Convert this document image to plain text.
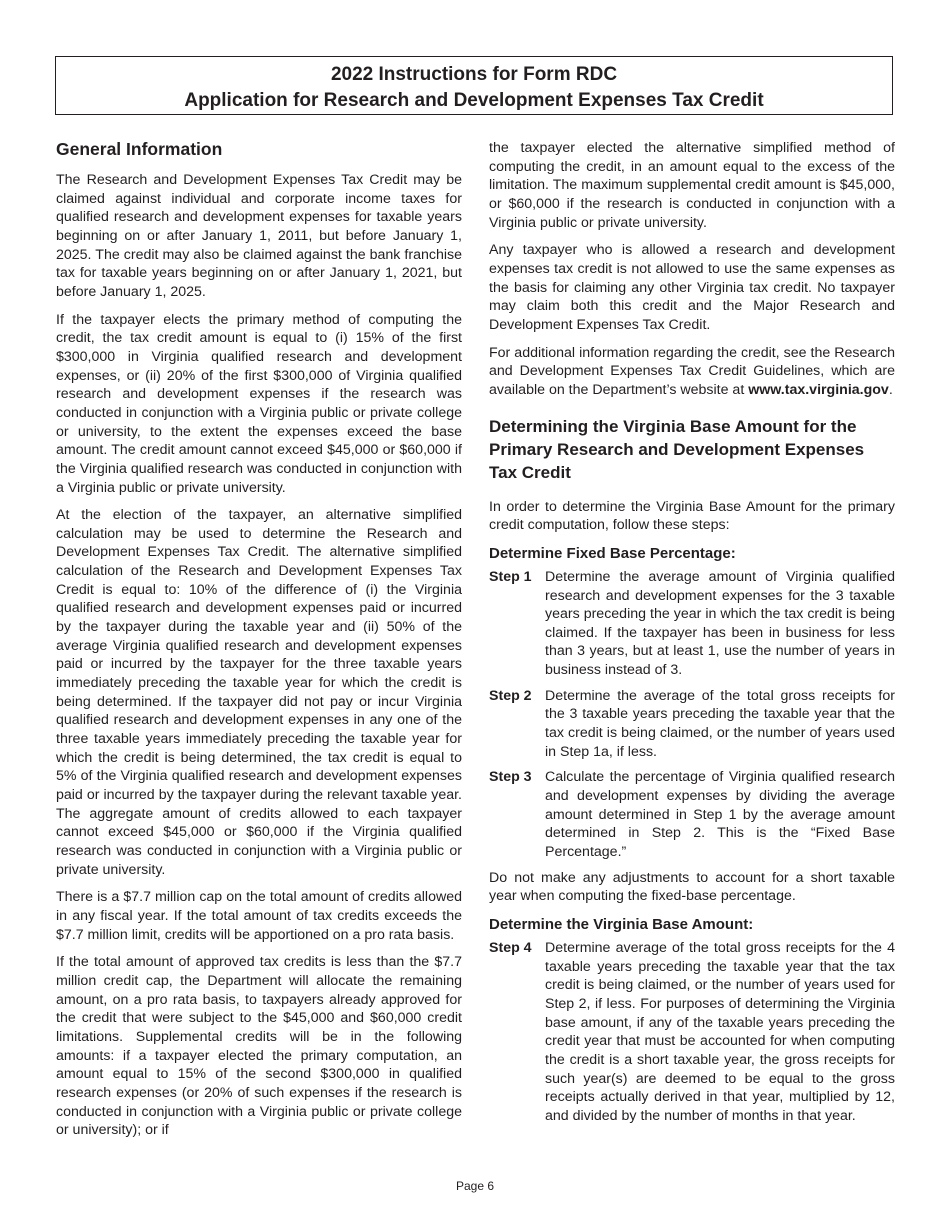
2022 Instructions for Form RDC
Application for Research and Development Expenses Tax Credit
General Information

The Research and Development Expenses Tax Credit may be claimed against individual and corporate income taxes for qualified research and development expenses for taxable years beginning on or after January 1, 2011, but before January 1, 2025. The credit may also be claimed against the bank franchise tax for taxable years beginning on or after January 1, 2021, but before January 1, 2025.

If the taxpayer elects the primary method of computing the credit, the tax credit amount is equal to (i) 15% of the first $300,000 in Virginia qualified research and development expenses, or (ii) 20% of the first $300,000 of Virginia qualified research and development expenses if the research was conducted in conjunction with a Virginia public or private college or university, to the extent the expenses exceed the base amount. The credit amount cannot exceed $45,000 or $60,000 if the Virginia qualified research was conducted in conjunction with a Virginia public or private university.

At the election of the taxpayer, an alternative simplified calculation may be used to determine the Research and Development Expenses Tax Credit. The alternative simplified calculation of the Research and Development Expenses Tax Credit is equal to: 10% of the difference of (i) the Virginia qualified research and development expenses paid or incurred by the taxpayer during the taxable year and (ii) 50% of the average Virginia qualified research and development expenses paid or incurred by the taxpayer for the three taxable years immediately preceding the taxable year for which the credit is being determined. If the taxpayer did not pay or incur Virginia qualified research and development expenses in any one of the three taxable years immediately preceding the taxable year for which the credit is being determined, the tax credit is equal to 5% of the Virginia qualified research and development expenses paid or incurred by the taxpayer during the relevant taxable year. The aggregate amount of credits allowed to each taxpayer cannot exceed $45,000 or $60,000 if the Virginia qualified research was conducted in conjunction with a Virginia public or private university.

There is a $7.7 million cap on the total amount of credits allowed in any fiscal year. If the total amount of tax credits exceeds the $7.7 million limit, credits will be apportioned on a pro rata basis.

If the total amount of approved tax credits is less than the $7.7 million credit cap, the Department will allocate the remaining amount, on a pro rata basis, to taxpayers already approved for the credit that were subject to the $45,000 and $60,000 credit limitations. Supplemental credits will be in the following amounts: if a taxpayer elected the primary computation, an amount equal to 15% of the second $300,000 in qualified research expenses (or 20% of such expenses if the research is conducted in conjunction with a Virginia public or private college or university); or if

the taxpayer elected the alternative simplified method of computing the credit, in an amount equal to the excess of the limitation. The maximum supplemental credit amount is $45,000, or $60,000 if the research is conducted in conjunction with a Virginia public or private university.

Any taxpayer who is allowed a research and development expenses tax credit is not allowed to use the same expenses as the basis for claiming any other Virginia tax credit. No taxpayer may claim both this credit and the Major Research and Development Expenses Tax Credit.

For additional information regarding the credit, see the Research and Development Expenses Tax Credit Guidelines, which are available on the Department’s website at www.tax.virginia.gov.

Determining the Virginia Base Amount for the Primary Research and Development Expenses Tax Credit

In order to determine the Virginia Base Amount for the primary credit computation, follow these steps:

Determine Fixed Base Percentage:
Step 1 Determine the average amount of Virginia qualified research and development expenses for the 3 taxable years preceding the year in which the tax credit is being claimed. If the taxpayer has been in business for less than 3 years, but at least 1, use the number of years in business instead of 3.
Step 2 Determine the average of the total gross receipts for the 3 taxable years preceding the taxable year that the tax credit is being claimed, or the number of years used in Step 1a, if less.
Step 3 Calculate the percentage of Virginia qualified research and development expenses by dividing the average amount determined in Step 1 by the average amount determined in Step 2. This is the “Fixed Base Percentage.”

Do not make any adjustments to account for a short taxable year when computing the fixed-base percentage.

Determine the Virginia Base Amount:
Step 4 Determine average of the total gross receipts for the 4 taxable years preceding the taxable year that the tax credit is being claimed, or the number of years used for Step 2, if less. For purposes of determining the Virginia base amount, if any of the taxable years preceding the credit year that must be accounted for when computing the credit is a short taxable year, the gross receipts for such year(s) are deemed to be equal to the gross receipts actually derived in that year, multiplied by 12, and divided by the number of months in that year.
Page 6
